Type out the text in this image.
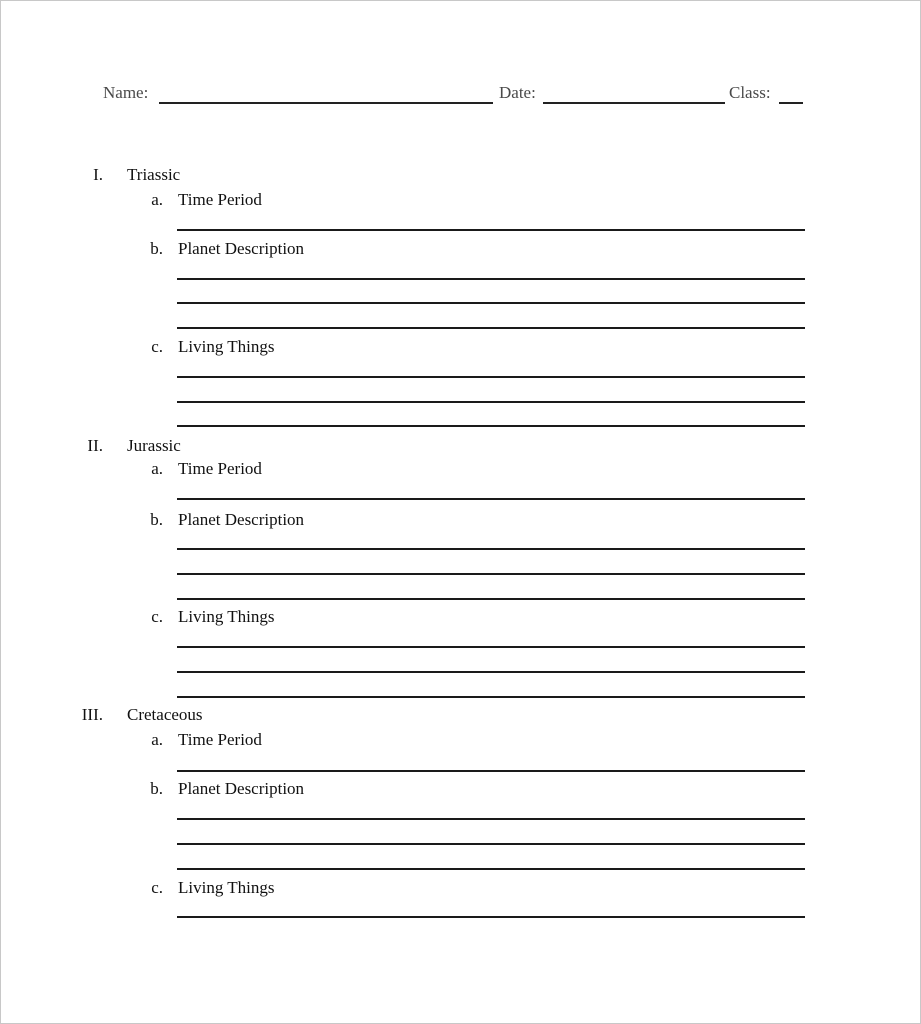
Name:	Date:	Class:
I. Triassic
a. Time Period
b. Planet Description
c. Living Things
II. Jurassic
a. Time Period
b. Planet Description
c. Living Things
III. Cretaceous
a. Time Period
b. Planet Description
c. Living Things
